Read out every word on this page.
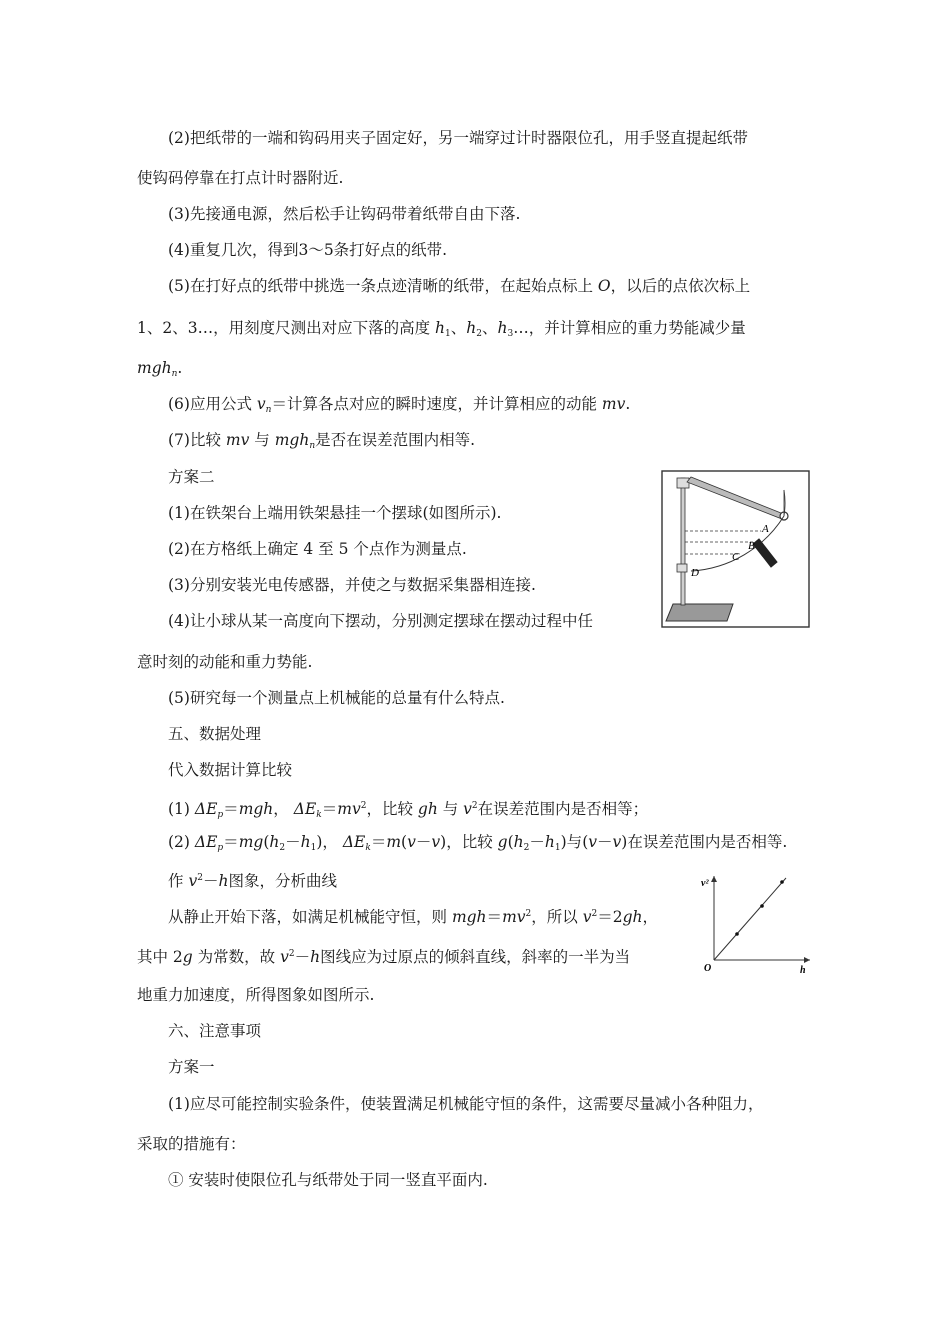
(2)把纸带的一端和钩码用夹子固定好，另一端穿过计时器限位孔，用手竖直提起纸带
使钩码停靠在打点计时器附近.
(3)先接通电源，然后松手让钩码带着纸带自由下落.
(4)重复几次，得到3～5条打好点的纸带.
(5)在打好点的纸带中挑选一条点迹清晰的纸带，在起始点标上 O，以后的点依次标上
1、2、3…，用刻度尺测出对应下落的高度 $h_1$、$h_2$、$h_3\dots$，并计算相应的重力势能减少量
mgh$_n$.
(6)应用公式 $v_n=$计算各点对应的瞬时速度，并计算相应的动能 mv.
(7)比较 mv 与 mgh$_n$是否在误差范围内相等.
方案二
(1)在铁架台上端用铁架悬挂一个摆球(如图所示).
(2)在方格纸上确定 4 至 5 个点作为测量点.
(3)分别安装光电传感器，并使之与数据采集器相连接.
(4)让小球从某一高度向下摆动，分别测定摆球在摆动过程中任
意时刻的动能和重力势能.
(5)研究每一个测量点上机械能的总量有什么特点.
A
B
C
D
五、数据处理
代入数据计算比较
(1) $\Delta E_p=mgh$， $\Delta E_k=mv^2$，比较 gh 与 $v^2$在误差范围内是否相等；
(2) $\Delta E_p=mg(h_2-h_1)$， $\Delta E_k=m(v-v)$，比较 $g(h_2-h_1)$与(v－v)在误差范围内是否相等.
作 $v^2-h$图象，分析曲线
从静止开始下落，如满足机械能守恒，则 $mgh=mv^2$，所以 $v^2=2gh$，
其中 2g 为常数，故 $v^2-h$图线应为过原点的倾斜直线，斜率的一半为当
地重力加速度，所得图象如图所示.
v²
h
O
六、注意事项
方案一
(1)应尽可能控制实验条件，使装置满足机械能守恒的条件，这需要尽量减小各种阻力，
采取的措施有：
① 安装时使限位孔与纸带处于同一竖直平面内.
